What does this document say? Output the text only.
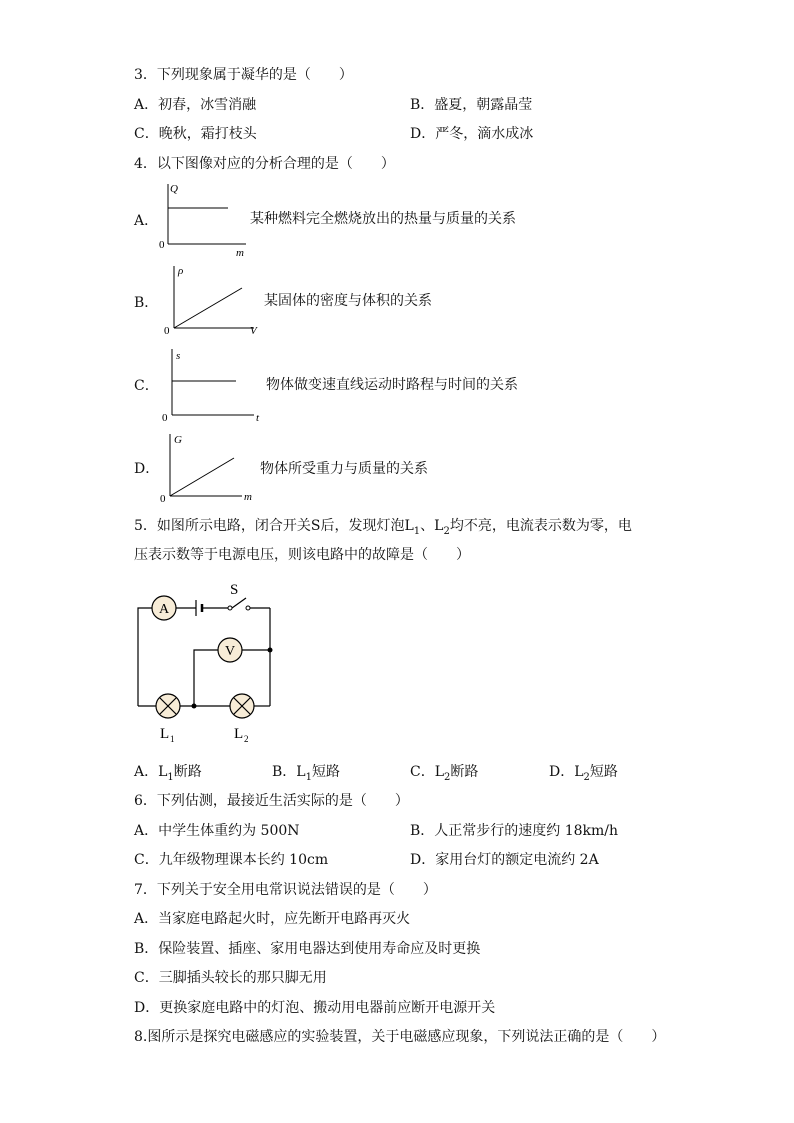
3．下列现象属于凝华的是（　　）
A．初春，冰雪消融	B．盛夏，朝露晶莹
C．晚秋，霜打枝头	D．严冬，滴水成冰
4．以下图像对应的分析合理的是（　　）
A．
Q
0
m
某种燃料完全燃烧放出的热量与质量的关系
B．
ρ
0	V
某固体的密度与体积的关系
C．
s
0	t
物体做变速直线运动时路程与时间的关系
D．
G
0	m
物体所受重力与质量的关系
5．如图所示电路，闭合开关S后，发现灯泡$L_1$、$L_2$均不亮，电流表示数为零，电
压表示数等于电源电压，则该电路中的故障是（　　）
A
V
S
L 1	L 2
A．$L_1$断路	B．$L_1$短路	C．$L_2$断路	D．$L_2$短路
6．下列估测，最接近生活实际的是（　　）
A．中学生体重约为 500N	B．人正常步行的速度约 18km/h
C．九年级物理课本长约 10cm	D．家用台灯的额定电流约 2A
7．下列关于安全用电常识说法错误的是（　　）
A．当家庭电路起火时，应先断开电路再灭火
B．保险装置、插座、家用电器达到使用寿命应及时更换
C．三脚插头较长的那只脚无用
D．更换家庭电路中的灯泡、搬动用电器前应断开电源开关
8.图所示是探究电磁感应的实验装置，关于电磁感应现象，下列说法正确的是（　　）
